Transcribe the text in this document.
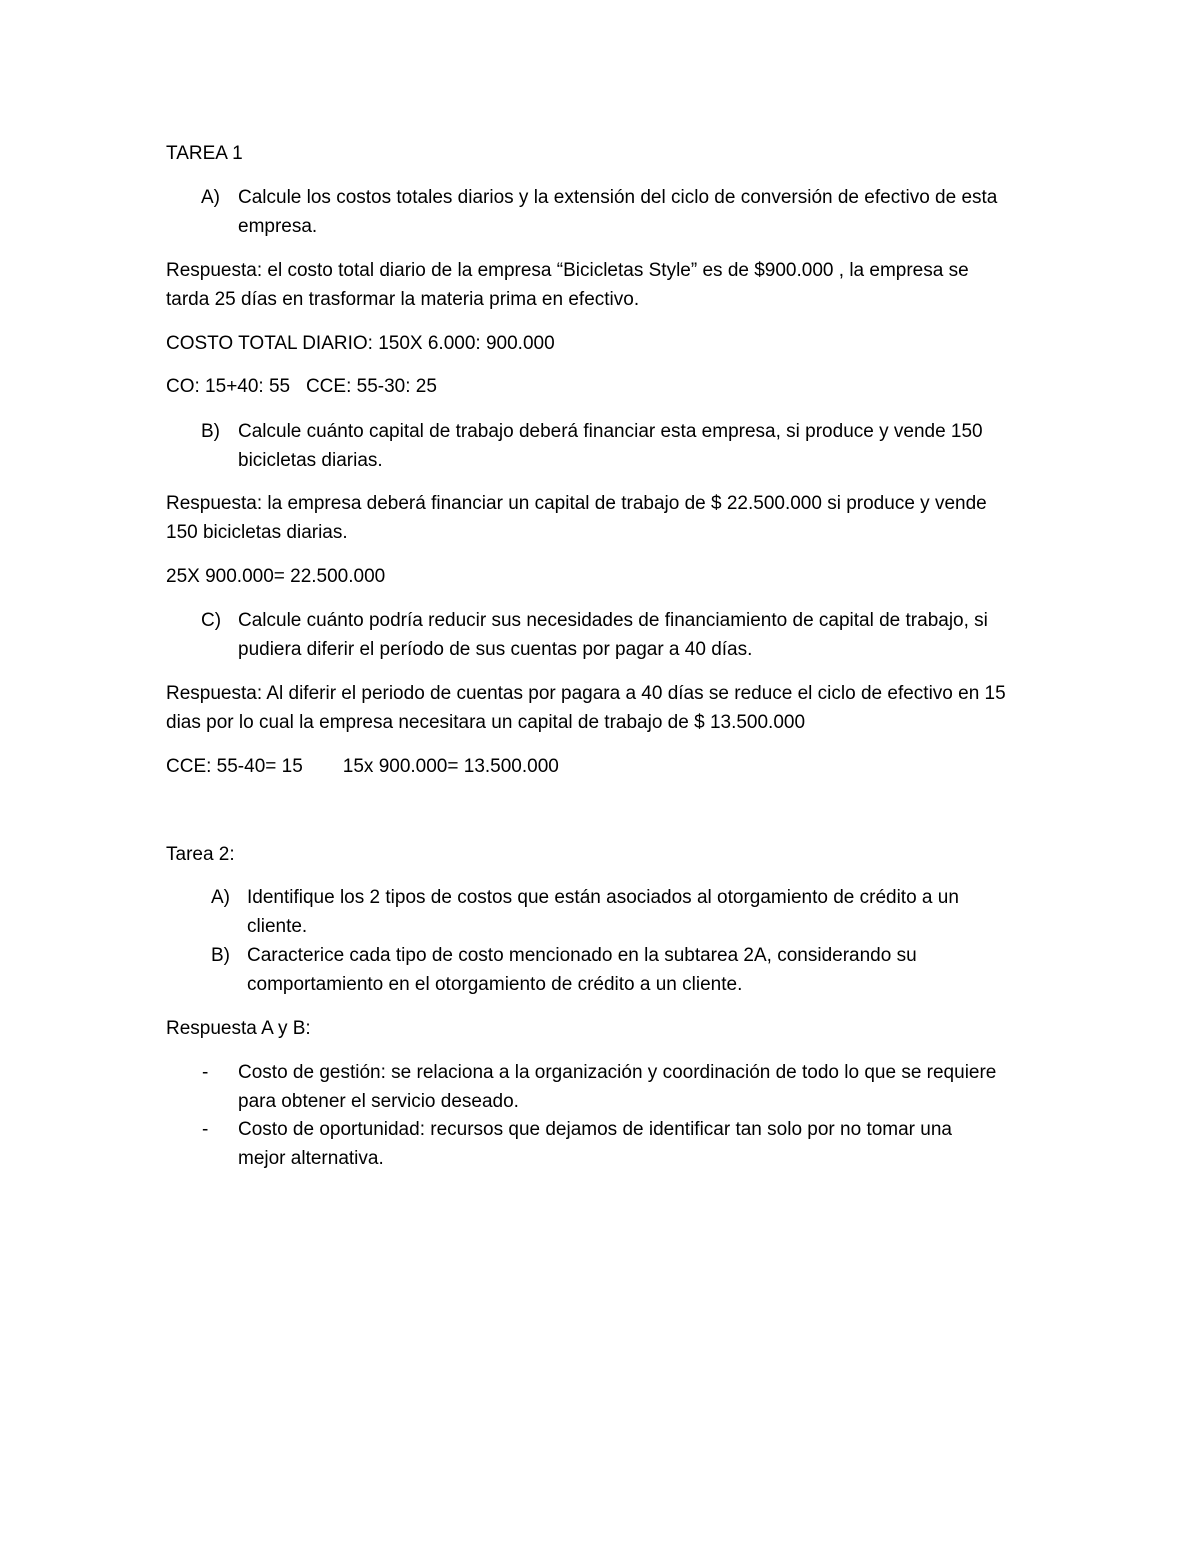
TAREA 1
A) Calcule los costos totales diarios y la extensión del ciclo de conversión de efectivo de esta
empresa.
Respuesta: el costo total diario de la empresa “Bicicletas Style” es de $900.000 , la empresa se
tarda 25 días en trasformar la materia prima en efectivo.
COSTO TOTAL DIARIO: 150X 6.000: 900.000
CO: 15+40: 55   CCE: 55-30: 25
B) Calcule cuánto capital de trabajo deberá financiar esta empresa, si produce y vende 150
bicicletas diarias.
Respuesta: la empresa deberá financiar un capital de trabajo de $ 22.500.000 si produce y vende
150 bicicletas diarias.
25X 900.000= 22.500.000
C) Calcule cuánto podría reducir sus necesidades de financiamiento de capital de trabajo, si
pudiera diferir el período de sus cuentas por pagar a 40 días.
Respuesta: Al diferir el periodo de cuentas por pagara a 40 días se reduce el ciclo de efectivo en 15
dias por lo cual la empresa necesitara un capital de trabajo de $ 13.500.000
CCE: 55-40= 15 15x 900.000= 13.500.000
Tarea 2:
A) Identifique los 2 tipos de costos que están asociados al otorgamiento de crédito a un
cliente.
B) Caracterice cada tipo de costo mencionado en la subtarea 2A, considerando su
comportamiento en el otorgamiento de crédito a un cliente.
Respuesta A y B:
- Costo de gestión: se relaciona a la organización y coordinación de todo lo que se requiere
para obtener el servicio deseado.
- Costo de oportunidad: recursos que dejamos de identificar tan solo por no tomar una
mejor alternativa.
